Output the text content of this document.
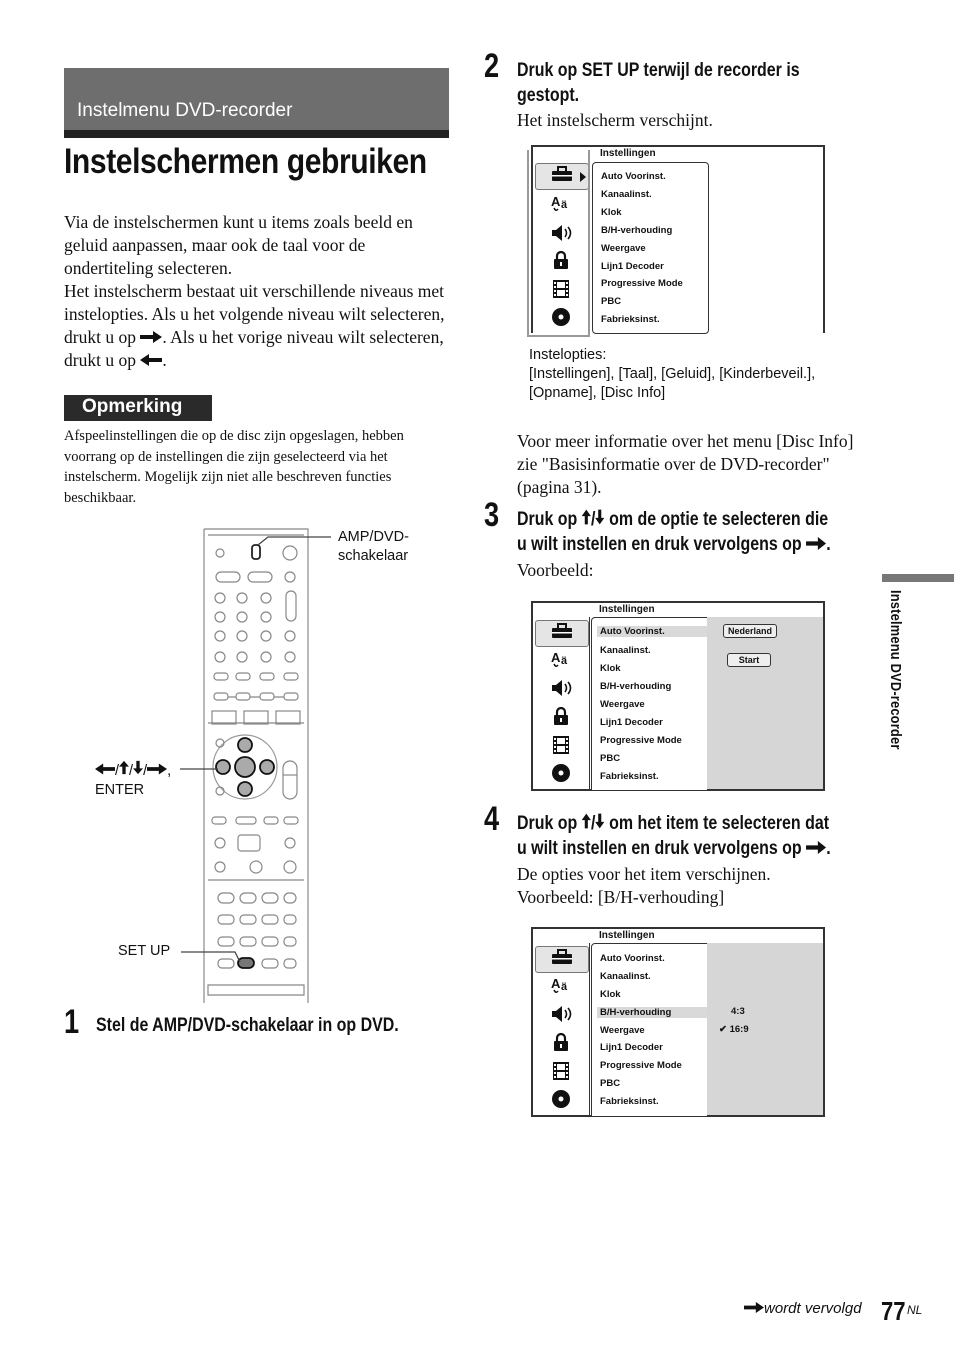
Instelmenu DVD-recorder
Instelschermen gebruiken

Via de instelschermen kunt u items zoals beeld en geluid aanpassen, maar ook de taal voor de ondertiteling selecteren.

Het instelscherm bestaat uit verschillende niveaus met instelopties. Als u het volgende niveau wilt selecteren, drukt u op . Als u het vorige niveau wilt selecteren, drukt u op .

Opmerking
Afspeelinstellingen die op de disc zijn opgeslagen, hebben voorrang op de instellingen die zijn geselecteerd via het instelscherm. Mogelijk zijn niet alle beschreven functies beschikbaar.
AMP/DVD-
schakelaar
/ / / ,
ENTER
SET UP
1 Stel de AMP/DVD-schakelaar in op DVD.
2 Druk op SET UP terwijl de recorder is
gestopt.
Het instelscherm verschijnt.
Instellingen
A ä
Auto Voorinst.
Kanaalinst.
Klok
B/H-verhouding
Weergave
Lijn1 Decoder
Progressive Mode
PBC
Fabrieksinst.
Instelopties:
[Instellingen], [Taal], [Geluid], [Kinderbeveil.],
[Opname], [Disc Info]
Voor meer informatie over het menu [Disc Info] zie "Basisinformatie over de DVD-recorder" (pagina 31).
3 Druk op / om de optie te selecteren die
u wilt instellen en druk vervolgens op .
Voorbeeld:
Instellingen
A ä
Auto Voorinst.
Kanaalinst.
Klok
B/H-verhouding
Weergave
Lijn1 Decoder
Progressive Mode
PBC
Fabrieksinst.
Nederland
Start
4 Druk op / om het item te selecteren dat
u wilt instellen en druk vervolgens op .
De opties voor het item verschijnen.
Voorbeeld: [B/H-verhouding]
Instellingen
A ä
Auto Voorinst.
Kanaalinst.
Klok
B/H-verhouding
Weergave
Lijn1 Decoder
Progressive Mode
PBC
Fabrieksinst.
4:3
✔ 16:9
Instelmenu DVD-recorder
wordt vervolgd 77 NL
